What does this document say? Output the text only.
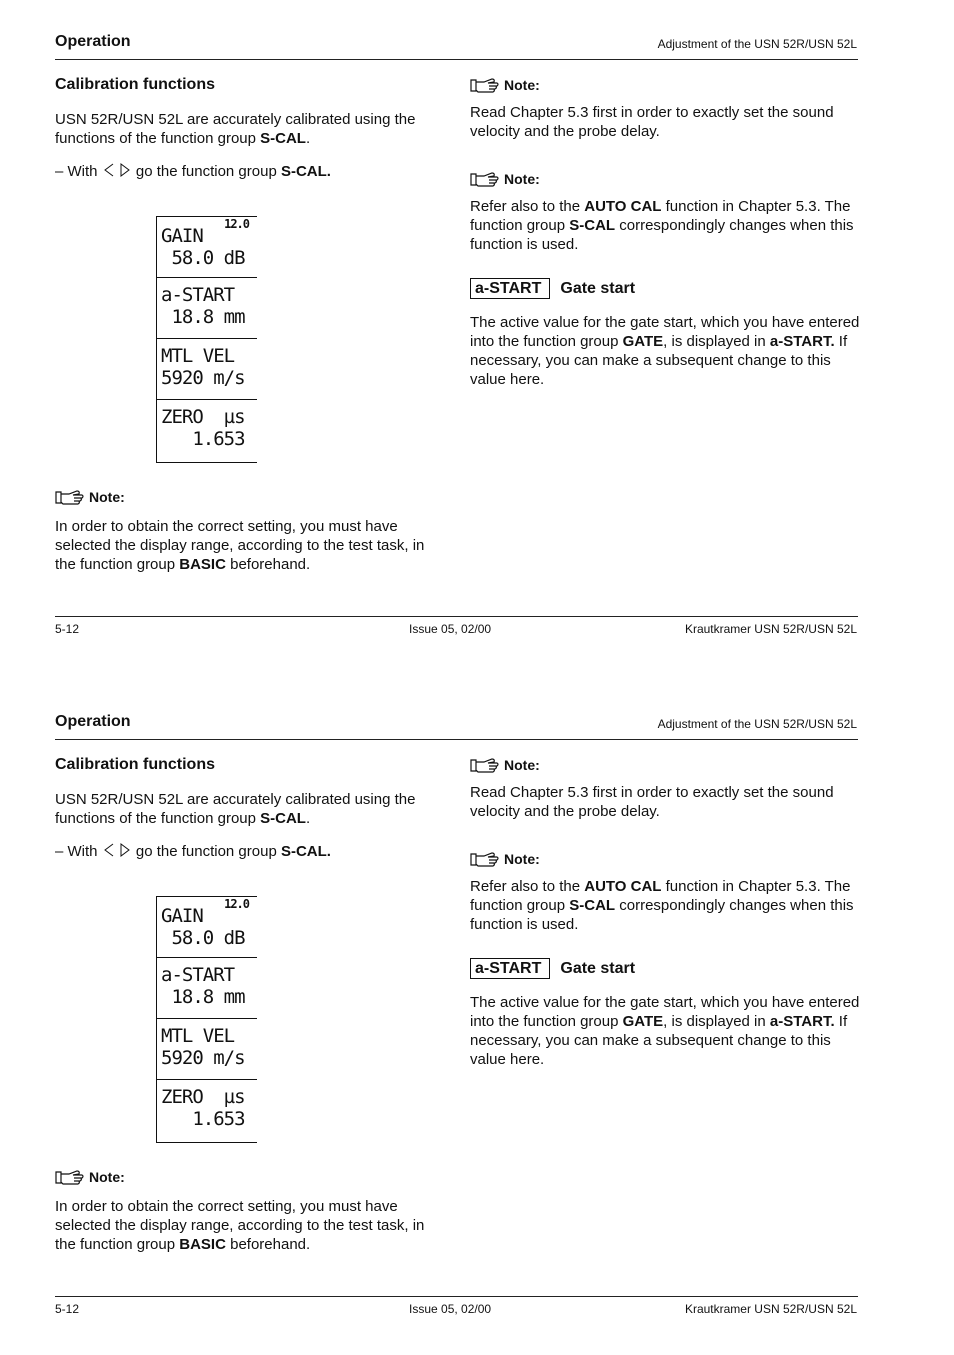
Operation	Adjustment of the USN 52R/USN 52L
Calibration functions

USN 52R/USN 52L are accurately calibrated using the functions of the function group S-CAL.

– With  go the function group S-CAL.

12.0
GAIN
58.0 dB
a-START
18.8 mm
MTL VEL
5920 m/s
ZERO  µs
1.653
Note:

In order to obtain the correct setting, you must have selected the display range, according to the test task, in the function group BASIC beforehand.

Note:

Read Chapter 5.3 first in order to exactly set the sound velocity and the probe delay.

Note:

Refer also to the AUTO CAL function in Chapter 5.3. The function group S-CAL correspondingly changes when this function is used.

a-START Gate start

The active value for the gate start, which you have entered into the function group GATE, is displayed in a-START. If necessary, you can make a subsequent change to this value here.

5-12	Issue 05, 02/00	Krautkramer USN 52R/USN 52L
Operation	Adjustment of the USN 52R/USN 52L
Calibration functions

USN 52R/USN 52L are accurately calibrated using the functions of the function group S-CAL.

– With  go the function group S-CAL.

12.0
GAIN
58.0 dB
a-START
18.8 mm
MTL VEL
5920 m/s
ZERO  µs
1.653
Note:

In order to obtain the correct setting, you must have selected the display range, according to the test task, in the function group BASIC beforehand.

Note:

Read Chapter 5.3 first in order to exactly set the sound velocity and the probe delay.

Note:

Refer also to the AUTO CAL function in Chapter 5.3. The function group S-CAL correspondingly changes when this function is used.

a-START Gate start

The active value for the gate start, which you have entered into the function group GATE, is displayed in a-START. If necessary, you can make a subsequent change to this value here.

5-12	Issue 05, 02/00	Krautkramer USN 52R/USN 52L
